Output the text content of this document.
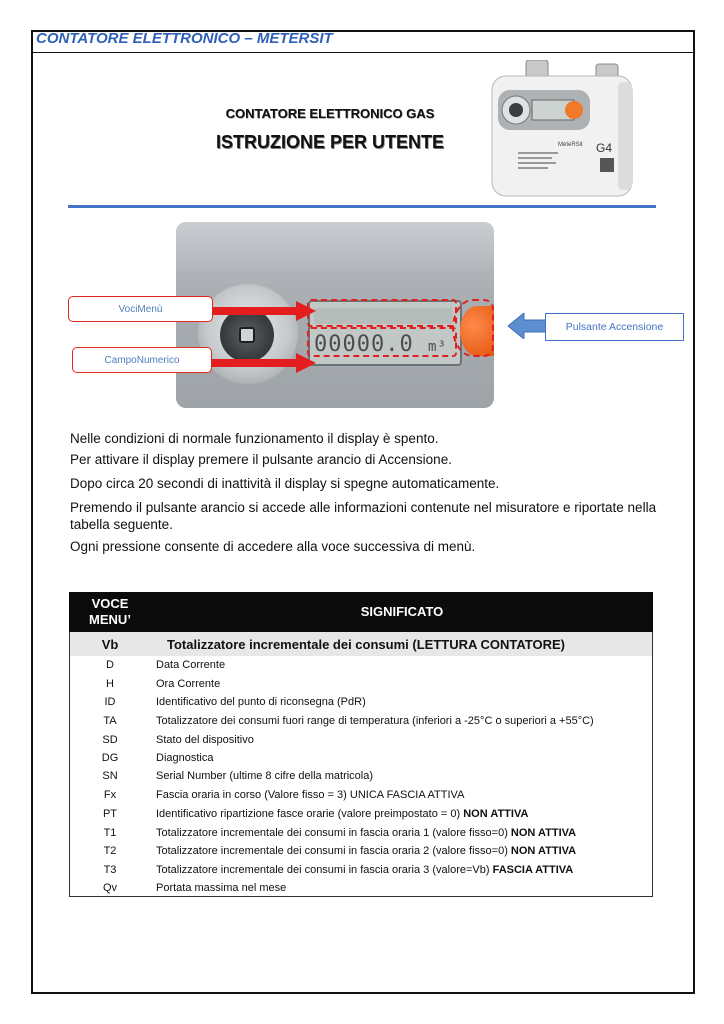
CONTATORE ELETTRONICO – METERSIT
CONTATORE ELETTRONICO GAS
ISTRUZIONE PER UTENTE	MeteRSit G4
00000.0 m³
VociMenù
CampoNumerico
Pulsante Accensione
Nelle condizioni di normale funzionamento il display è spento.
Per attivare il display premere il pulsante arancio di Accensione.
Dopo circa 20 secondi di inattività il display si spegne automaticamente.
Premendo il pulsante arancio si accede alle informazioni contenute nel misuratore e riportate nella
tabella seguente.
Ogni pressione consente di accedere alla voce successiva di menù.
VOCE
MENU’
SIGNIFICATO
Vb	Totalizzatore incrementale dei consumi (LETTURA CONTATORE)
D	Data Corrente
H	Ora Corrente
ID	Identificativo del punto di riconsegna (PdR)
TA	Totalizzatore dei consumi fuori range di temperatura (inferiori a -25°C o superiori a +55°C)
SD	Stato del dispositivo
DG	Diagnostica
SN	Serial Number (ultime 8 cifre della matricola)
Fx	Fascia oraria in corso (Valore fisso = 3) UNICA FASCIA ATTIVA
PT	Identificativo ripartizione fasce orarie (valore preimpostato = 0) NON ATTIVA
T1	Totalizzatore incrementale dei consumi in fascia oraria 1 (valore fisso=0) NON ATTIVA
T2	Totalizzatore incrementale dei consumi in fascia oraria 2 (valore fisso=0) NON ATTIVA
T3	Totalizzatore incrementale dei consumi in fascia oraria 3 (valore=Vb) FASCIA ATTIVA
Qv	Portata massima nel mese
